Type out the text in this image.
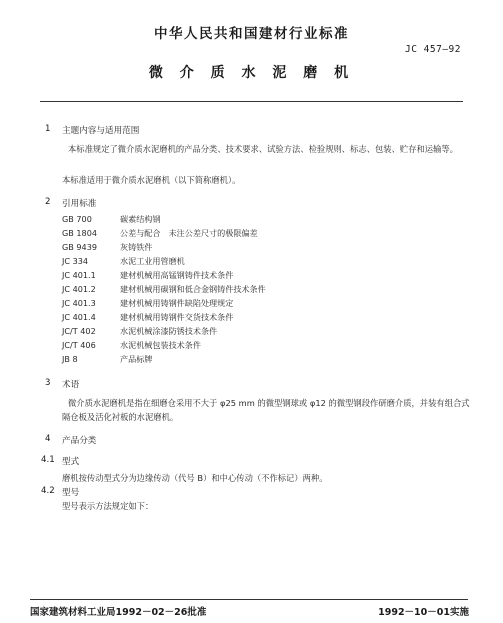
中华人民共和国建材行业标准
JC 457—92
微 介 质 水 泥 磨 机
1 主题内容与适用范围
本标准规定了微介质水泥磨机的产品分类、技术要求、试验方法、检验规则、标志、包装、贮存和运输等。
本标准适用于微介质水泥磨机（以下简称磨机）。
2 引用标准
GB 700	碳素结构钢
GB 1804	公差与配合　未注公差尺寸的极限偏差
GB 9439	灰铸铁件
JC 334	水泥工业用管磨机
JC 401.1	建材机械用高锰钢铸件技术条件
JC 401.2	建材机械用碳钢和低合金钢铸件技术条件
JC 401.3	建材机械用铸钢件缺陷处理规定
JC 401.4	建材机械用铸钢件交货技术条件
JC/T 402	水泥机械涂漆防锈技术条件
JC/T 406	水泥机械包装技术条件
JB 8	产品标牌
3 术语
微介质水泥磨机是指在细磨仓采用不大于 φ25 mm 的微型钢球或 φ12 的微型钢段作研磨介质，并装有组合式隔仓板及活化衬板的水泥磨机。
4 产品分类
4.1 型式
磨机按传动型式分为边缘传动（代号 B）和中心传动（不作标记）两种。
4.2 型号
型号表示方法规定如下：
国家建筑材料工业局1992－02－26批准	1992－10－01实施
